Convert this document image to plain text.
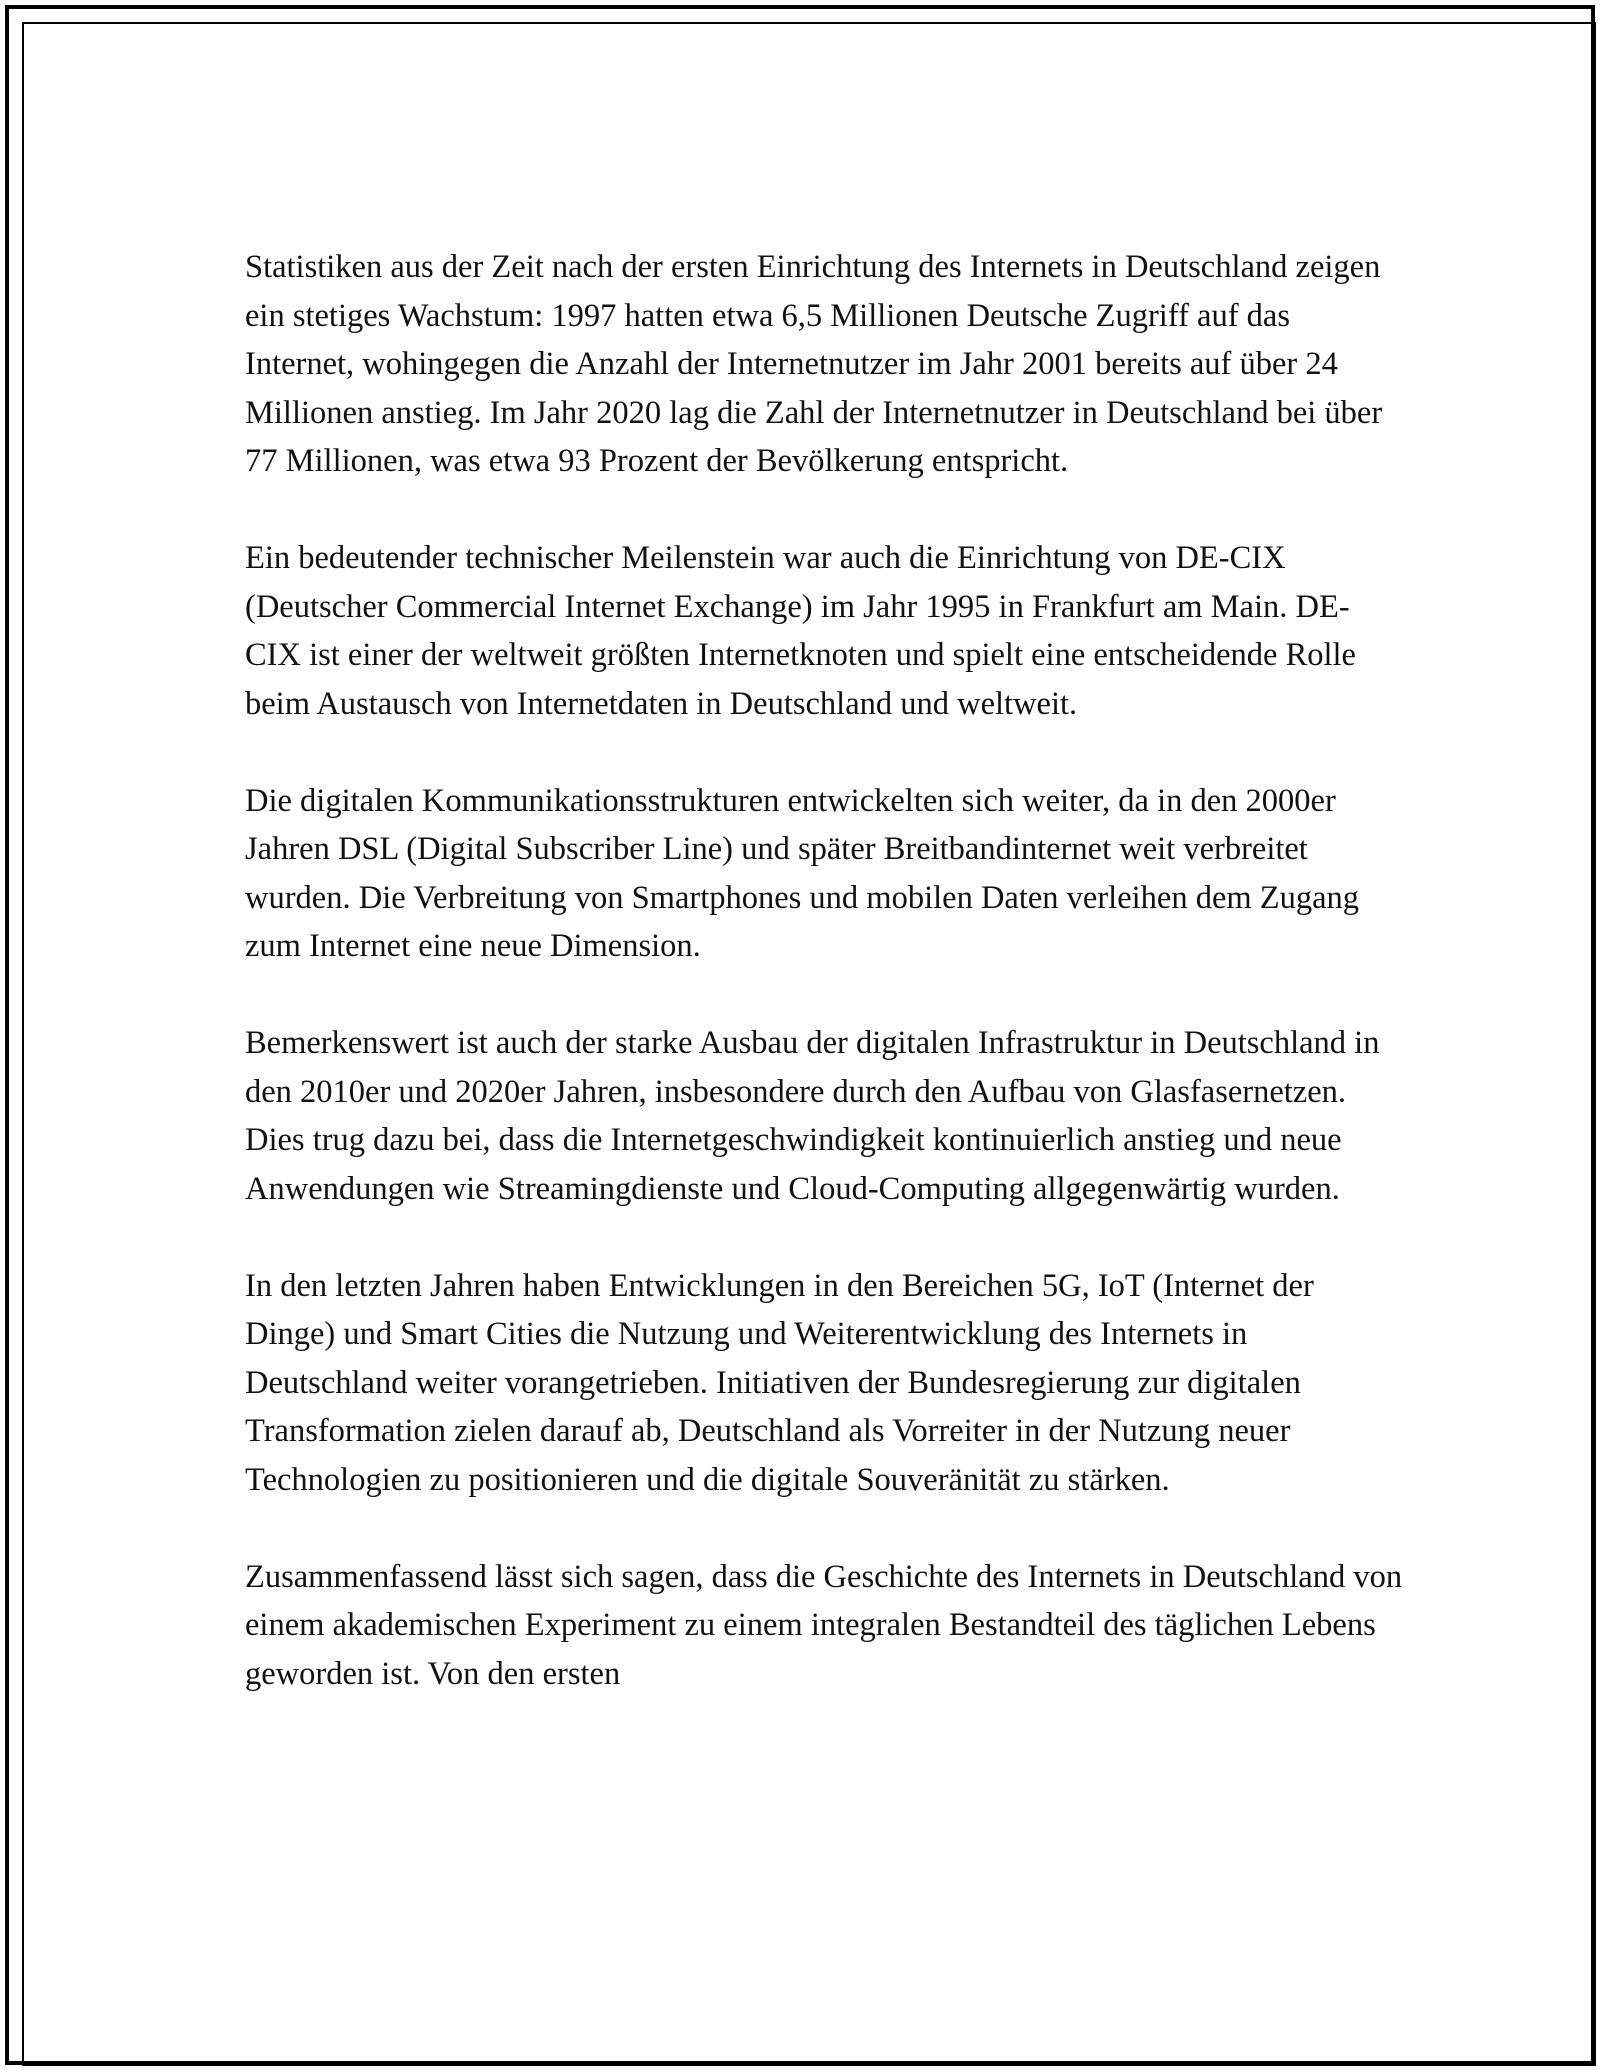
Statistiken aus der Zeit nach der ersten Einrichtung des Internets in Deutschland zeigen ein stetiges Wachstum: 1997 hatten etwa 6,5 Millionen Deutsche Zugriff auf das Internet, wohingegen die Anzahl der Internetnutzer im Jahr 2001 bereits auf über 24 Millionen anstieg. Im Jahr 2020 lag die Zahl der Internetnutzer in Deutschland bei über 77 Millionen, was etwa 93 Prozent der Bevölkerung entspricht.

Ein bedeutender technischer Meilenstein war auch die Einrichtung von DE-CIX (Deutscher Commercial Internet Exchange) im Jahr 1995 in Frankfurt am Main. DE-CIX ist einer der weltweit größten Internetknoten und spielt eine entscheidende Rolle beim Austausch von Internetdaten in Deutschland und weltweit.

Die digitalen Kommunikationsstrukturen entwickelten sich weiter, da in den 2000er Jahren DSL (Digital Subscriber Line) und später Breitbandinternet weit verbreitet wurden. Die Verbreitung von Smartphones und mobilen Daten verleihen dem Zugang zum Internet eine neue Dimension.

Bemerkenswert ist auch der starke Ausbau der digitalen Infrastruktur in Deutschland in den 2010er und 2020er Jahren, insbesondere durch den Aufbau von Glasfasernetzen. Dies trug dazu bei, dass die Internetgeschwindigkeit kontinuierlich anstieg und neue Anwendungen wie Streamingdienste und Cloud-Computing allgegenwärtig wurden.

In den letzten Jahren haben Entwicklungen in den Bereichen 5G, IoT (Internet der Dinge) und Smart Cities die Nutzung und Weiterentwicklung des Internets in Deutschland weiter vorangetrieben. Initiativen der Bundesregierung zur digitalen Transformation zielen darauf ab, Deutschland als Vorreiter in der Nutzung neuer Technologien zu positionieren und die digitale Souveränität zu stärken.

Zusammenfassend lässt sich sagen, dass die Geschichte des Internets in Deutschland von einem akademischen Experiment zu einem integralen Bestandteil des täglichen Lebens geworden ist. Von den ersten
